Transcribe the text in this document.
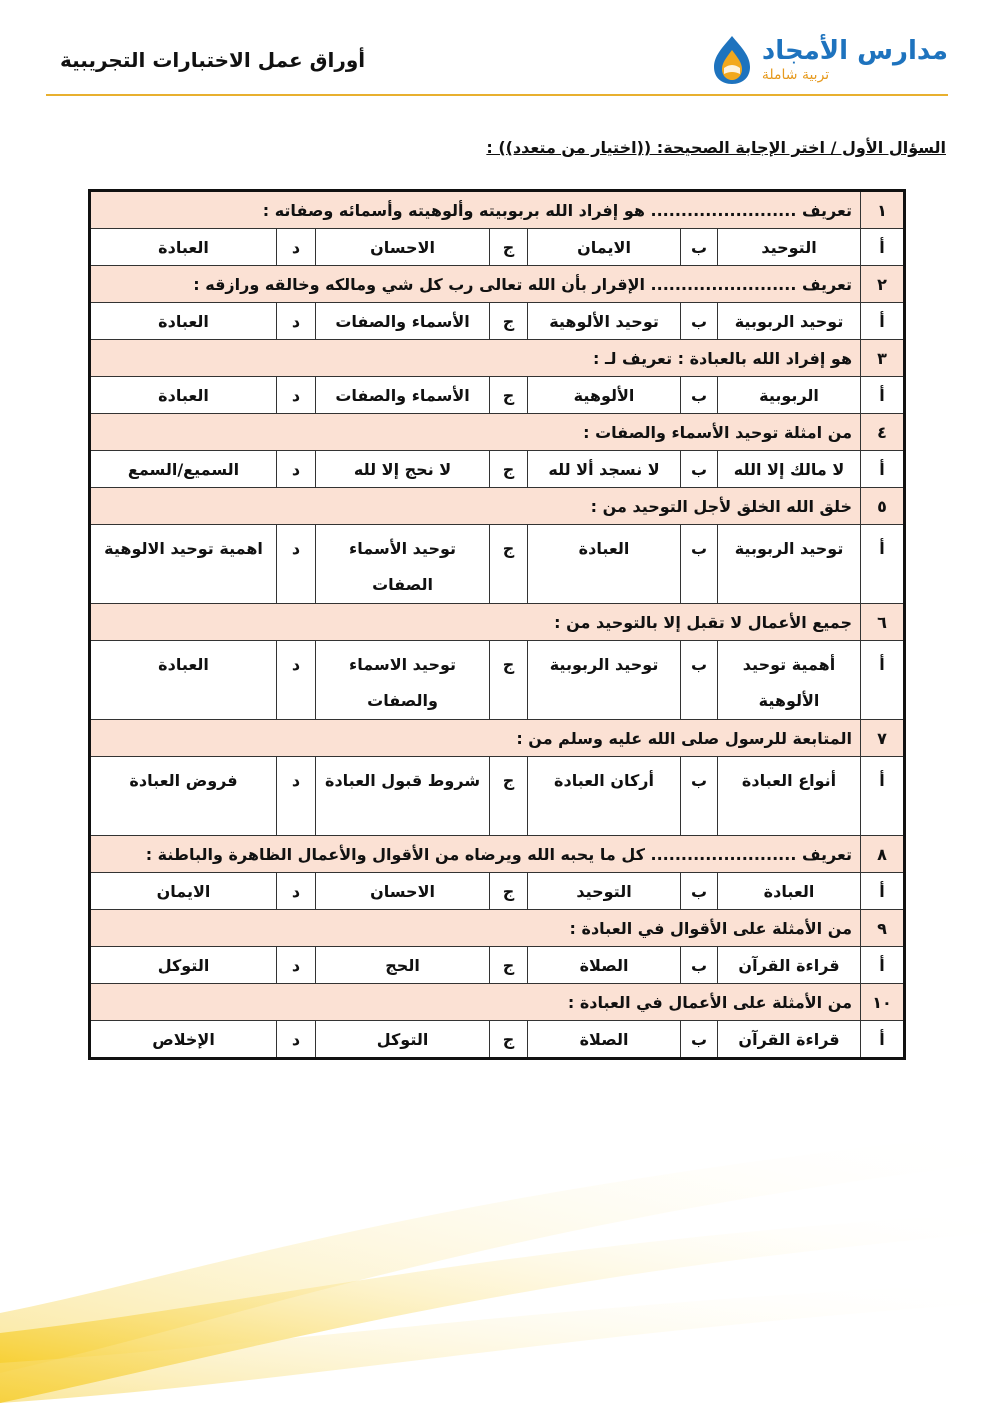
أوراق عمل الاختبارات التجريبية	مدارس الأمجاد
تربية شاملة
السؤال الأول / اختر الإجابة الصحيحة: ((اختيار من متعدد)) :
١	تعريف ........................ هو إفراد الله بربوبيته وألوهيته وأسمائه وصفاته :						
أ	التوحيد	ب	الايمان	ج	الاحسان	د	العبادة
٢	تعريف ........................ الإقرار بأن الله تعالى رب كل شي ومالكه وخالقه ورازقه :						
أ	توحيد الربوبية	ب	توحيد الألوهية	ج	الأسماء والصفات	د	العبادة
٣	هو إفراد الله بالعبادة : تعريف لـ :						
أ	الربوبية	ب	الألوهية	ج	الأسماء والصفات	د	العبادة
٤	من امثلة توحيد الأسماء والصفات :						
أ	لا مالك إلا الله	ب	لا نسجد ألا لله	ج	لا نحج إلا لله	د	السميع/السمع
٥	خلق الله الخلق لأجل التوحيد من :						
أ	توحيد الربوبية	ب	العبادة	ج	توحيد الأسماء الصفات	د	اهمية توحيد الالوهية
٦	جميع الأعمال لا تقبل إلا بالتوحيد من :						
أ	أهمية توحيد الألوهية	ب	توحيد الربوبية	ج	توحيد الاسماء والصفات	د	العبادة
٧	المتابعة للرسول صلى الله عليه وسلم من :						
أ	أنواع العبادة	ب	أركان العبادة	ج	شروط قبول العبادة	د	فروض العبادة
٨	تعريف ........................ كل ما يحبه الله ويرضاه من الأقوال والأعمال الظاهرة والباطنة :						
أ	العبادة	ب	التوحيد	ج	الاحسان	د	الايمان
٩	من الأمثلة على الأقوال في العبادة :						
أ	قراءة القرآن	ب	الصلاة	ج	الحج	د	التوكل
١٠	من الأمثلة على الأعمال في العبادة :						
أ	قراءة القرآن	ب	الصلاة	ج	التوكل	د	الإخلاص
